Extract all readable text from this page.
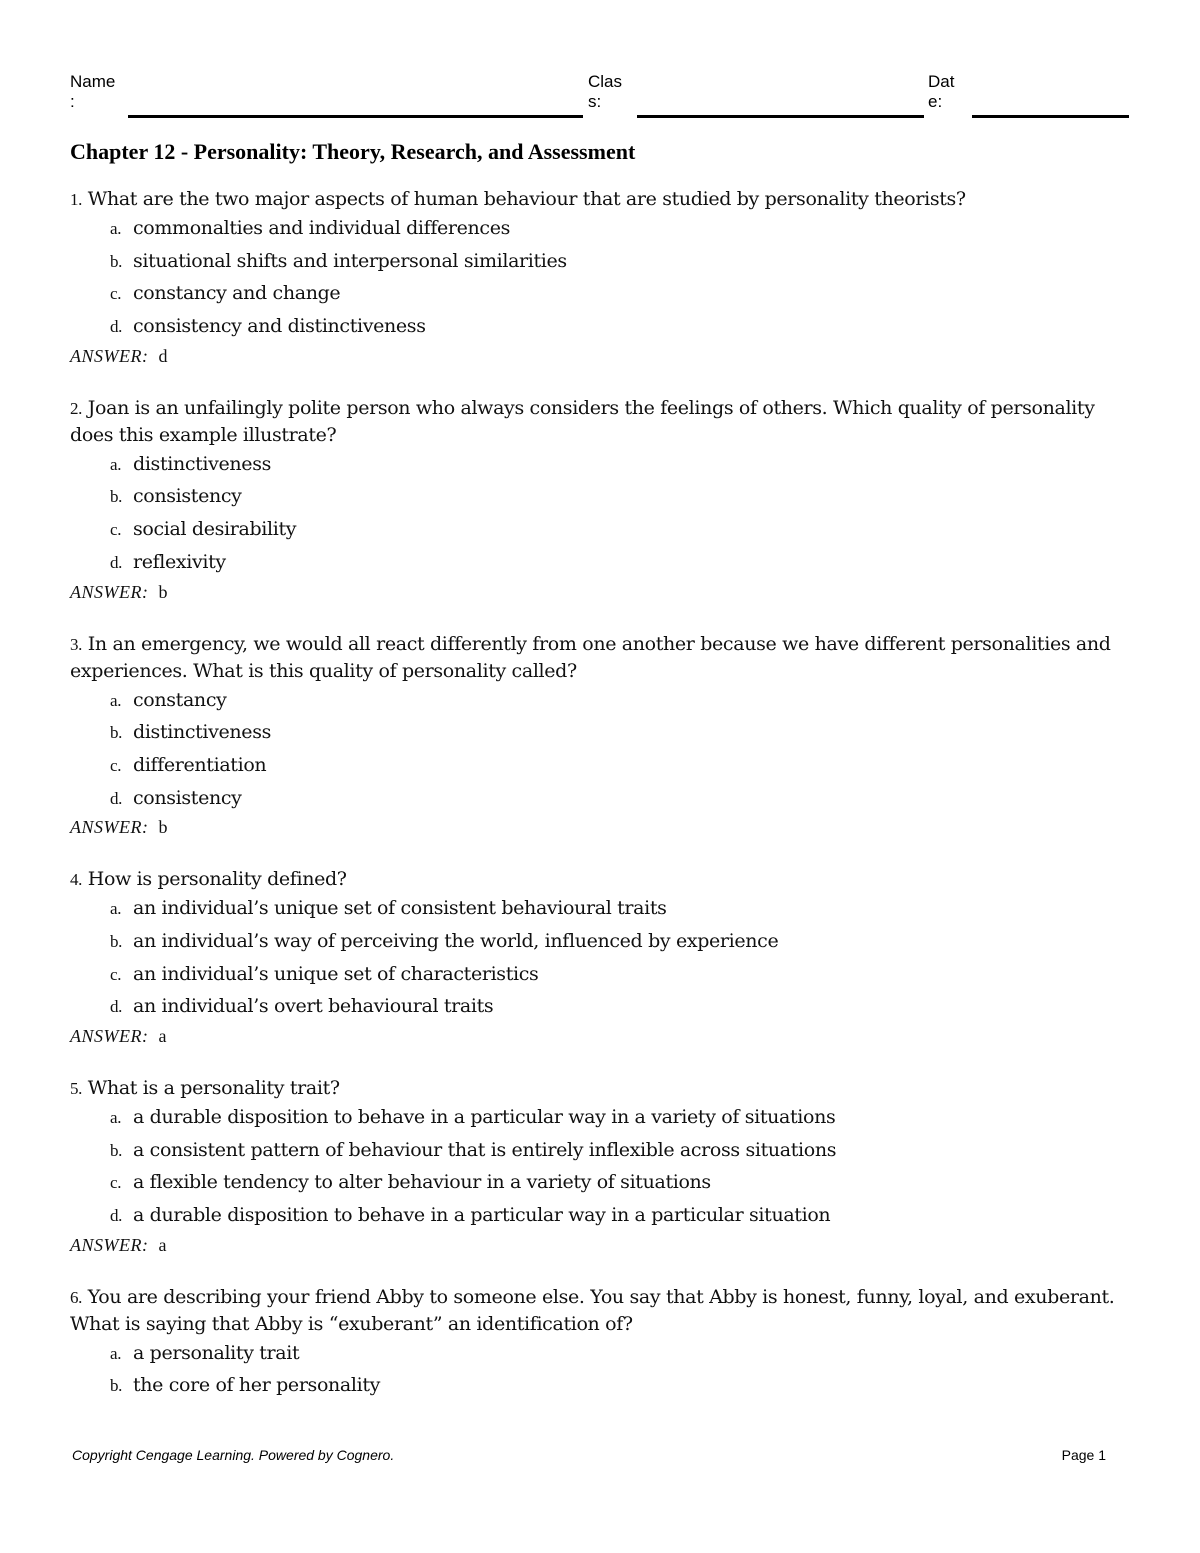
Name
:
Clas
s:
Dat
e:
Chapter 12 - Personality: Theory, Research, and Assessment
1. What are the two major aspects of human behaviour that are studied by personality theorists?
a. commonalties and individual differences
b. situational shifts and interpersonal similarities
c. constancy and change
d. consistency and distinctiveness
ANSWER: d
2. Joan is an unfailingly polite person who always considers the feelings of others. Which quality of personality does this example illustrate?
a. distinctiveness
b. consistency
c. social desirability
d. reflexivity
ANSWER: b
3. In an emergency, we would all react differently from one another because we have different personalities and experiences. What is this quality of personality called?
a. constancy
b. distinctiveness
c. differentiation
d. consistency
ANSWER: b
4. How is personality defined?
a. an individual’s unique set of consistent behavioural traits
b. an individual’s way of perceiving the world, influenced by experience
c. an individual’s unique set of characteristics
d. an individual’s overt behavioural traits
ANSWER: a
5. What is a personality trait?
a. a durable disposition to behave in a particular way in a variety of situations
b. a consistent pattern of behaviour that is entirely inflexible across situations
c. a flexible tendency to alter behaviour in a variety of situations
d. a durable disposition to behave in a particular way in a particular situation
ANSWER: a
6. You are describing your friend Abby to someone else. You say that Abby is honest, funny, loyal, and exuberant. What is saying that Abby is “exuberant” an identification of?
a. a personality trait
b. the core of her personality
Copyright Cengage Learning. Powered by Cognero.	Page 1
